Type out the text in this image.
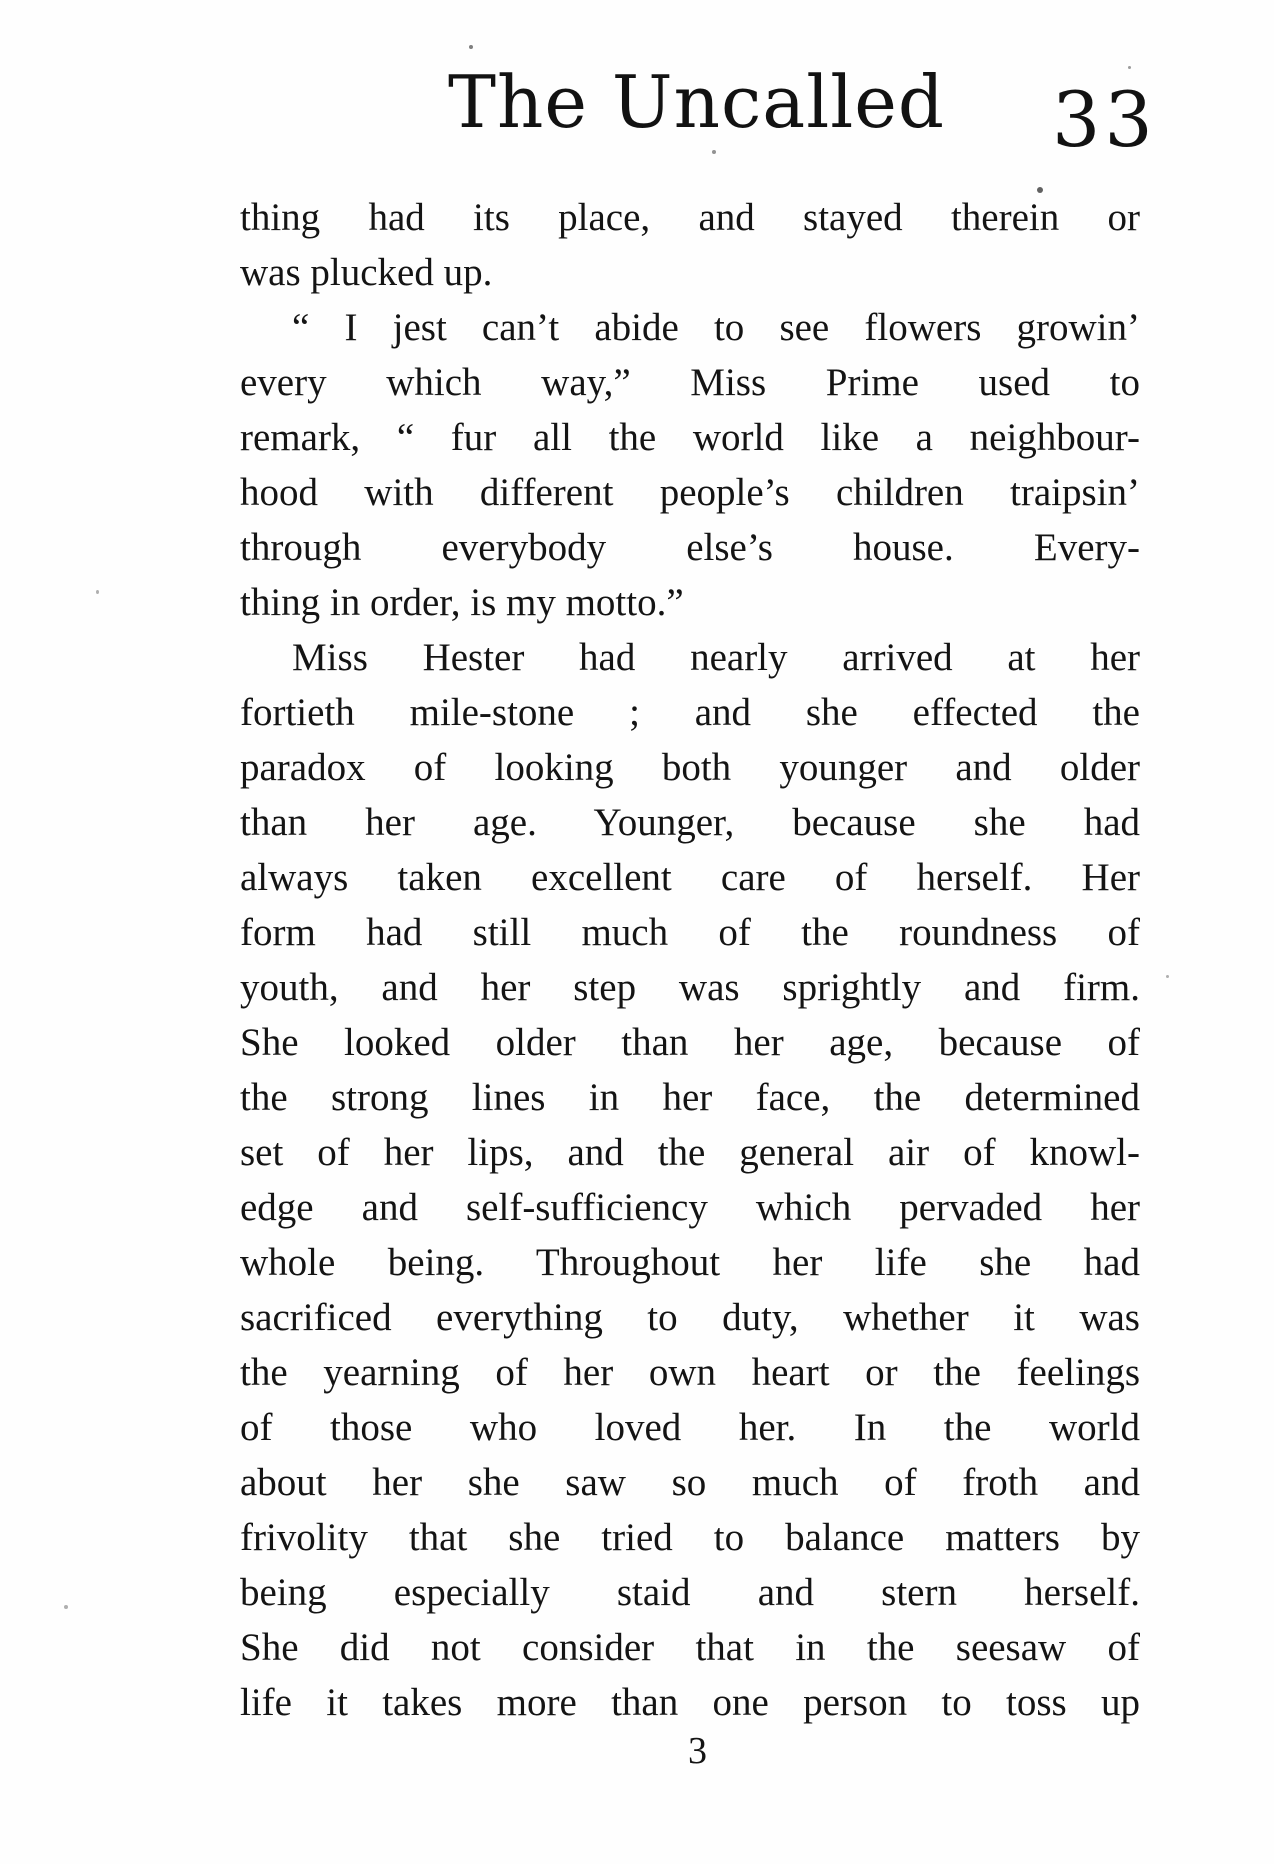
The Uncalled 33
thing had its place, and stayed therein or
was plucked up.
“ I jest can’t abide to see flowers growin’
every which way,” Miss Prime used to
remark, “ fur all the world like a neighbour-
hood with different people’s children traipsin’
through everybody else’s house. Every-
thing in order, is my motto.”
Miss Hester had nearly arrived at her
fortieth mile-stone ; and she effected the
paradox of looking both younger and older
than her age. Younger, because she had
always taken excellent care of herself. Her
form had still much of the roundness of
youth, and her step was sprightly and firm.
She looked older than her age, because of
the strong lines in her face, the determined
set of her lips, and the general air of knowl-
edge and self-sufficiency which pervaded her
whole being. Throughout her life she had
sacrificed everything to duty, whether it was
the yearning of her own heart or the feelings
of those who loved her. In the world
about her she saw so much of froth and
frivolity that she tried to balance matters by
being especially staid and stern herself.
She did not consider that in the seesaw of
life it takes more than one person to toss up
3
